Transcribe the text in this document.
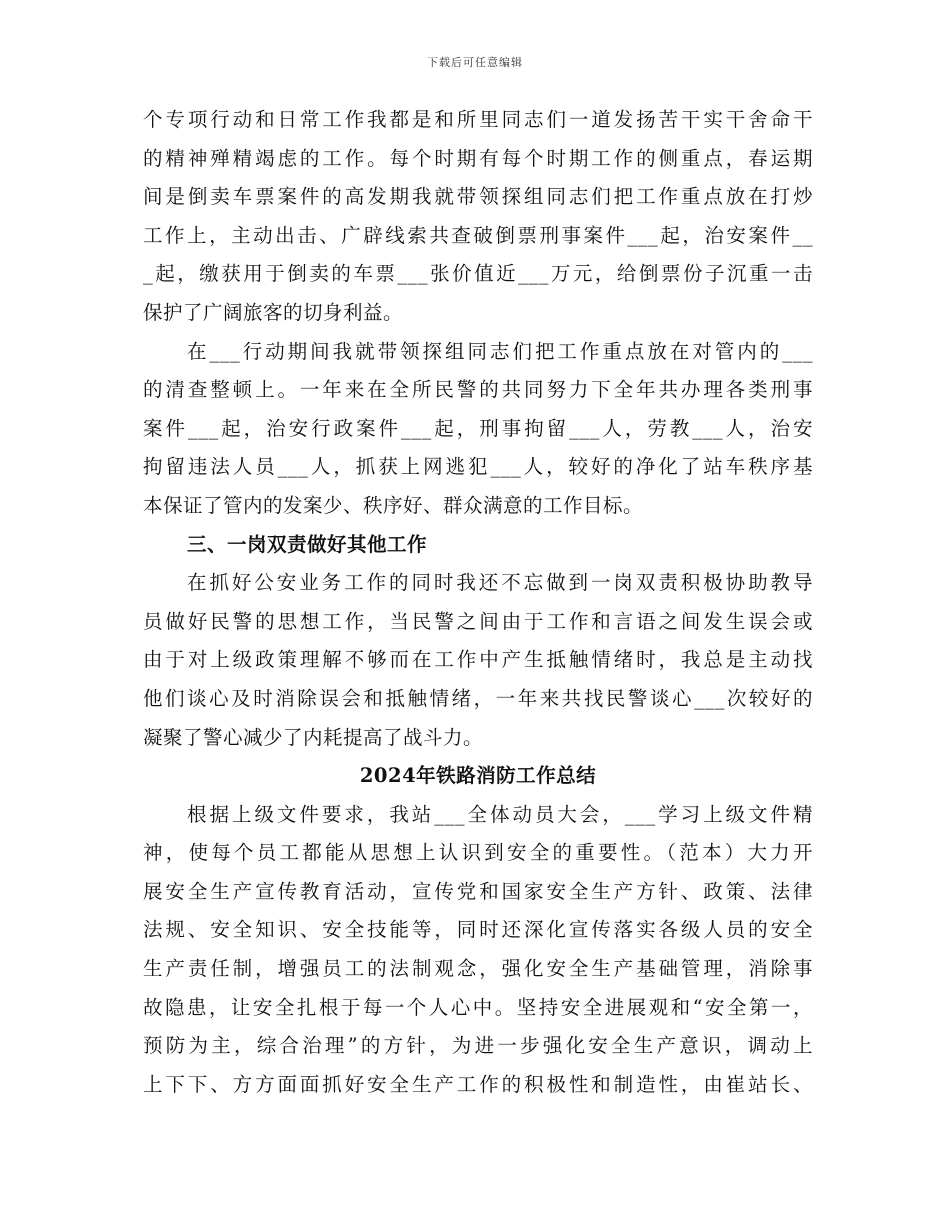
下载后可任意编辑
个专项行动和日常工作我都是和所里同志们一道发扬苦干实干舍命干
的精神殚精竭虑的工作。每个时期有每个时期工作的侧重点，春运期
间是倒卖车票案件的高发期我就带领探组同志们把工作重点放在打炒
工作上，主动出击、广辟线索共查破倒票刑事案件___起，治安案件__
_起，缴获用于倒卖的车票___张价值近___万元，给倒票份子沉重一击
保护了广阔旅客的切身利益。
在___行动期间我就带领探组同志们把工作重点放在对管内的___
的清查整顿上。一年来在全所民警的共同努力下全年共办理各类刑事
案件___起，治安行政案件___起，刑事拘留___人，劳教___人，治安
拘留违法人员___人，抓获上网逃犯___人，较好的净化了站车秩序基
本保证了管内的发案少、秩序好、群众满意的工作目标。
三、一岗双责做好其他工作
在抓好公安业务工作的同时我还不忘做到一岗双责积极协助教导
员做好民警的思想工作，当民警之间由于工作和言语之间发生误会或
由于对上级政策理解不够而在工作中产生抵触情绪时，我总是主动找
他们谈心及时消除误会和抵触情绪，一年来共找民警谈心___次较好的
凝聚了警心减少了内耗提高了战斗力。
2024年铁路消防工作总结
根据上级文件要求，我站___全体动员大会，___学习上级文件精
神，使每个员工都能从思想上认识到安全的重要性。（范本）大力开
展安全生产宣传教育活动，宣传党和国家安全生产方针、政策、法律
法规、安全知识、安全技能等，同时还深化宣传落实各级人员的安全
生产责任制，增强员工的法制观念，强化安全生产基础管理，消除事
故隐患，让安全扎根于每一个人心中。坚持安全进展观和“安全第一，
预防为主，综合治理”的方针，为进一步强化安全生产意识，调动上
上下下、方方面面抓好安全生产工作的积极性和制造性，由崔站长、
